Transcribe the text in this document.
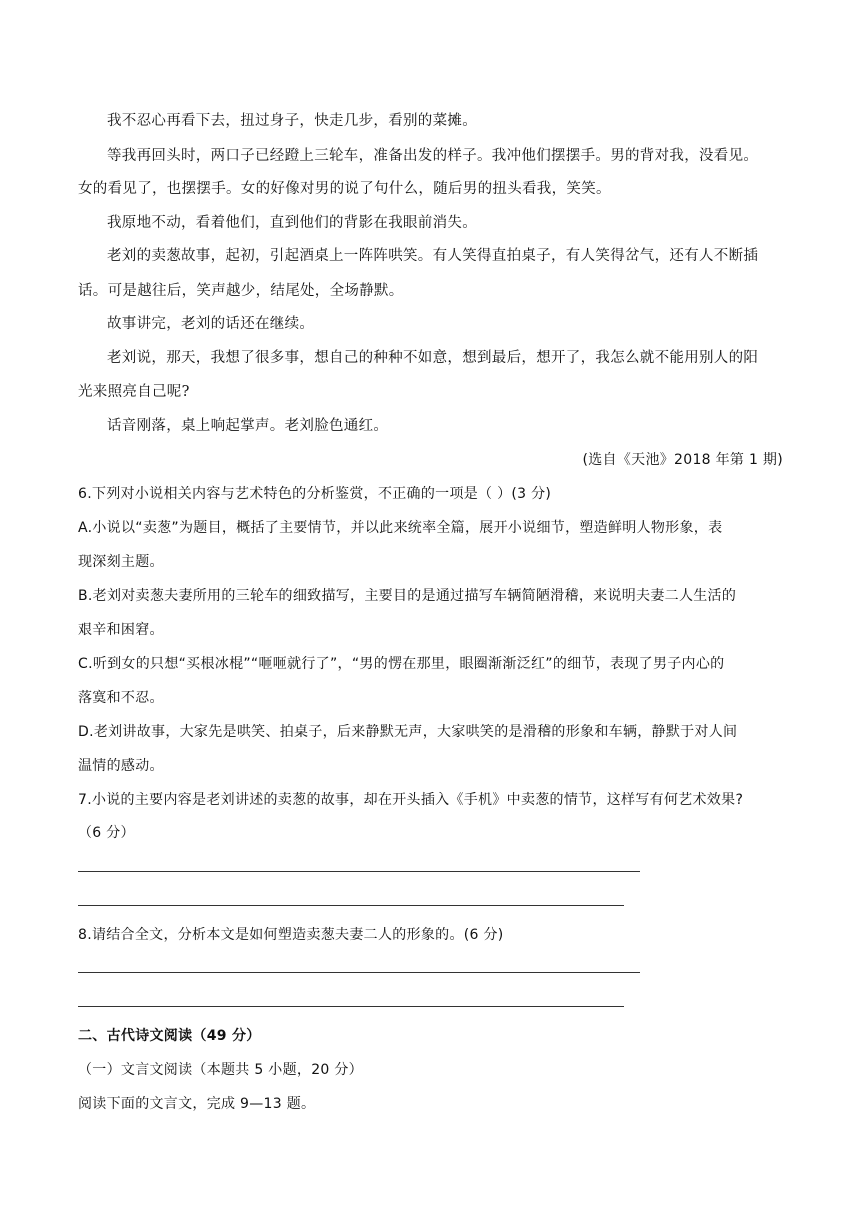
我不忍心再看下去，扭过身子，快走几步，看别的菜摊。
等我再回头时，两口子已经蹬上三轮车，准备出发的样子。我冲他们摆摆手。男的背对我，没看见。
女的看见了，也摆摆手。女的好像对男的说了句什么，随后男的扭头看我，笑笑。
我原地不动，看着他们，直到他们的背影在我眼前消失。
老刘的卖葱故事，起初，引起酒桌上一阵阵哄笑。有人笑得直拍桌子，有人笑得岔气，还有人不断插
话。可是越往后，笑声越少，结尾处，全场静默。
故事讲完，老刘的话还在继续。
老刘说，那天，我想了很多事，想自己的种种不如意，想到最后，想开了，我怎么就不能用别人的阳
光来照亮自己呢?
话音刚落，桌上响起掌声。老刘脸色通红。
(选自《天池》2018 年第 1 期)
6.下列对小说相关内容与艺术特色的分析鉴赏，不正确的一项是（ ）(3 分)
A.小说以“卖葱”为题目，概括了主要情节，并以此来统率全篇，展开小说细节，塑造鲜明人物形象，表
现深刻主题。
B.老刘对卖葱夫妻所用的三轮车的细致描写，主要目的是通过描写车辆简陋滑稽，来说明夫妻二人生活的
艰辛和困窘。
C.听到女的只想“买根冰棍”“咂咂就行了”，“男的愣在那里，眼圈渐渐泛红”的细节，表现了男子内心的
落寞和不忍。
D.老刘讲故事，大家先是哄笑、拍桌子，后来静默无声，大家哄笑的是滑稽的形象和车辆，静默于对人间
温情的感动。
7.小说的主要内容是老刘讲述的卖葱的故事，却在开头插入《手机》中卖葱的情节，这样写有何艺术效果?
（6 分）
8.请结合全文，分析本文是如何塑造卖葱夫妻二人的形象的。(6 分)
二、古代诗文阅读（49 分）
（一）文言文阅读（本题共 5 小题，20 分）
阅读下面的文言文，完成 9—13 题。
